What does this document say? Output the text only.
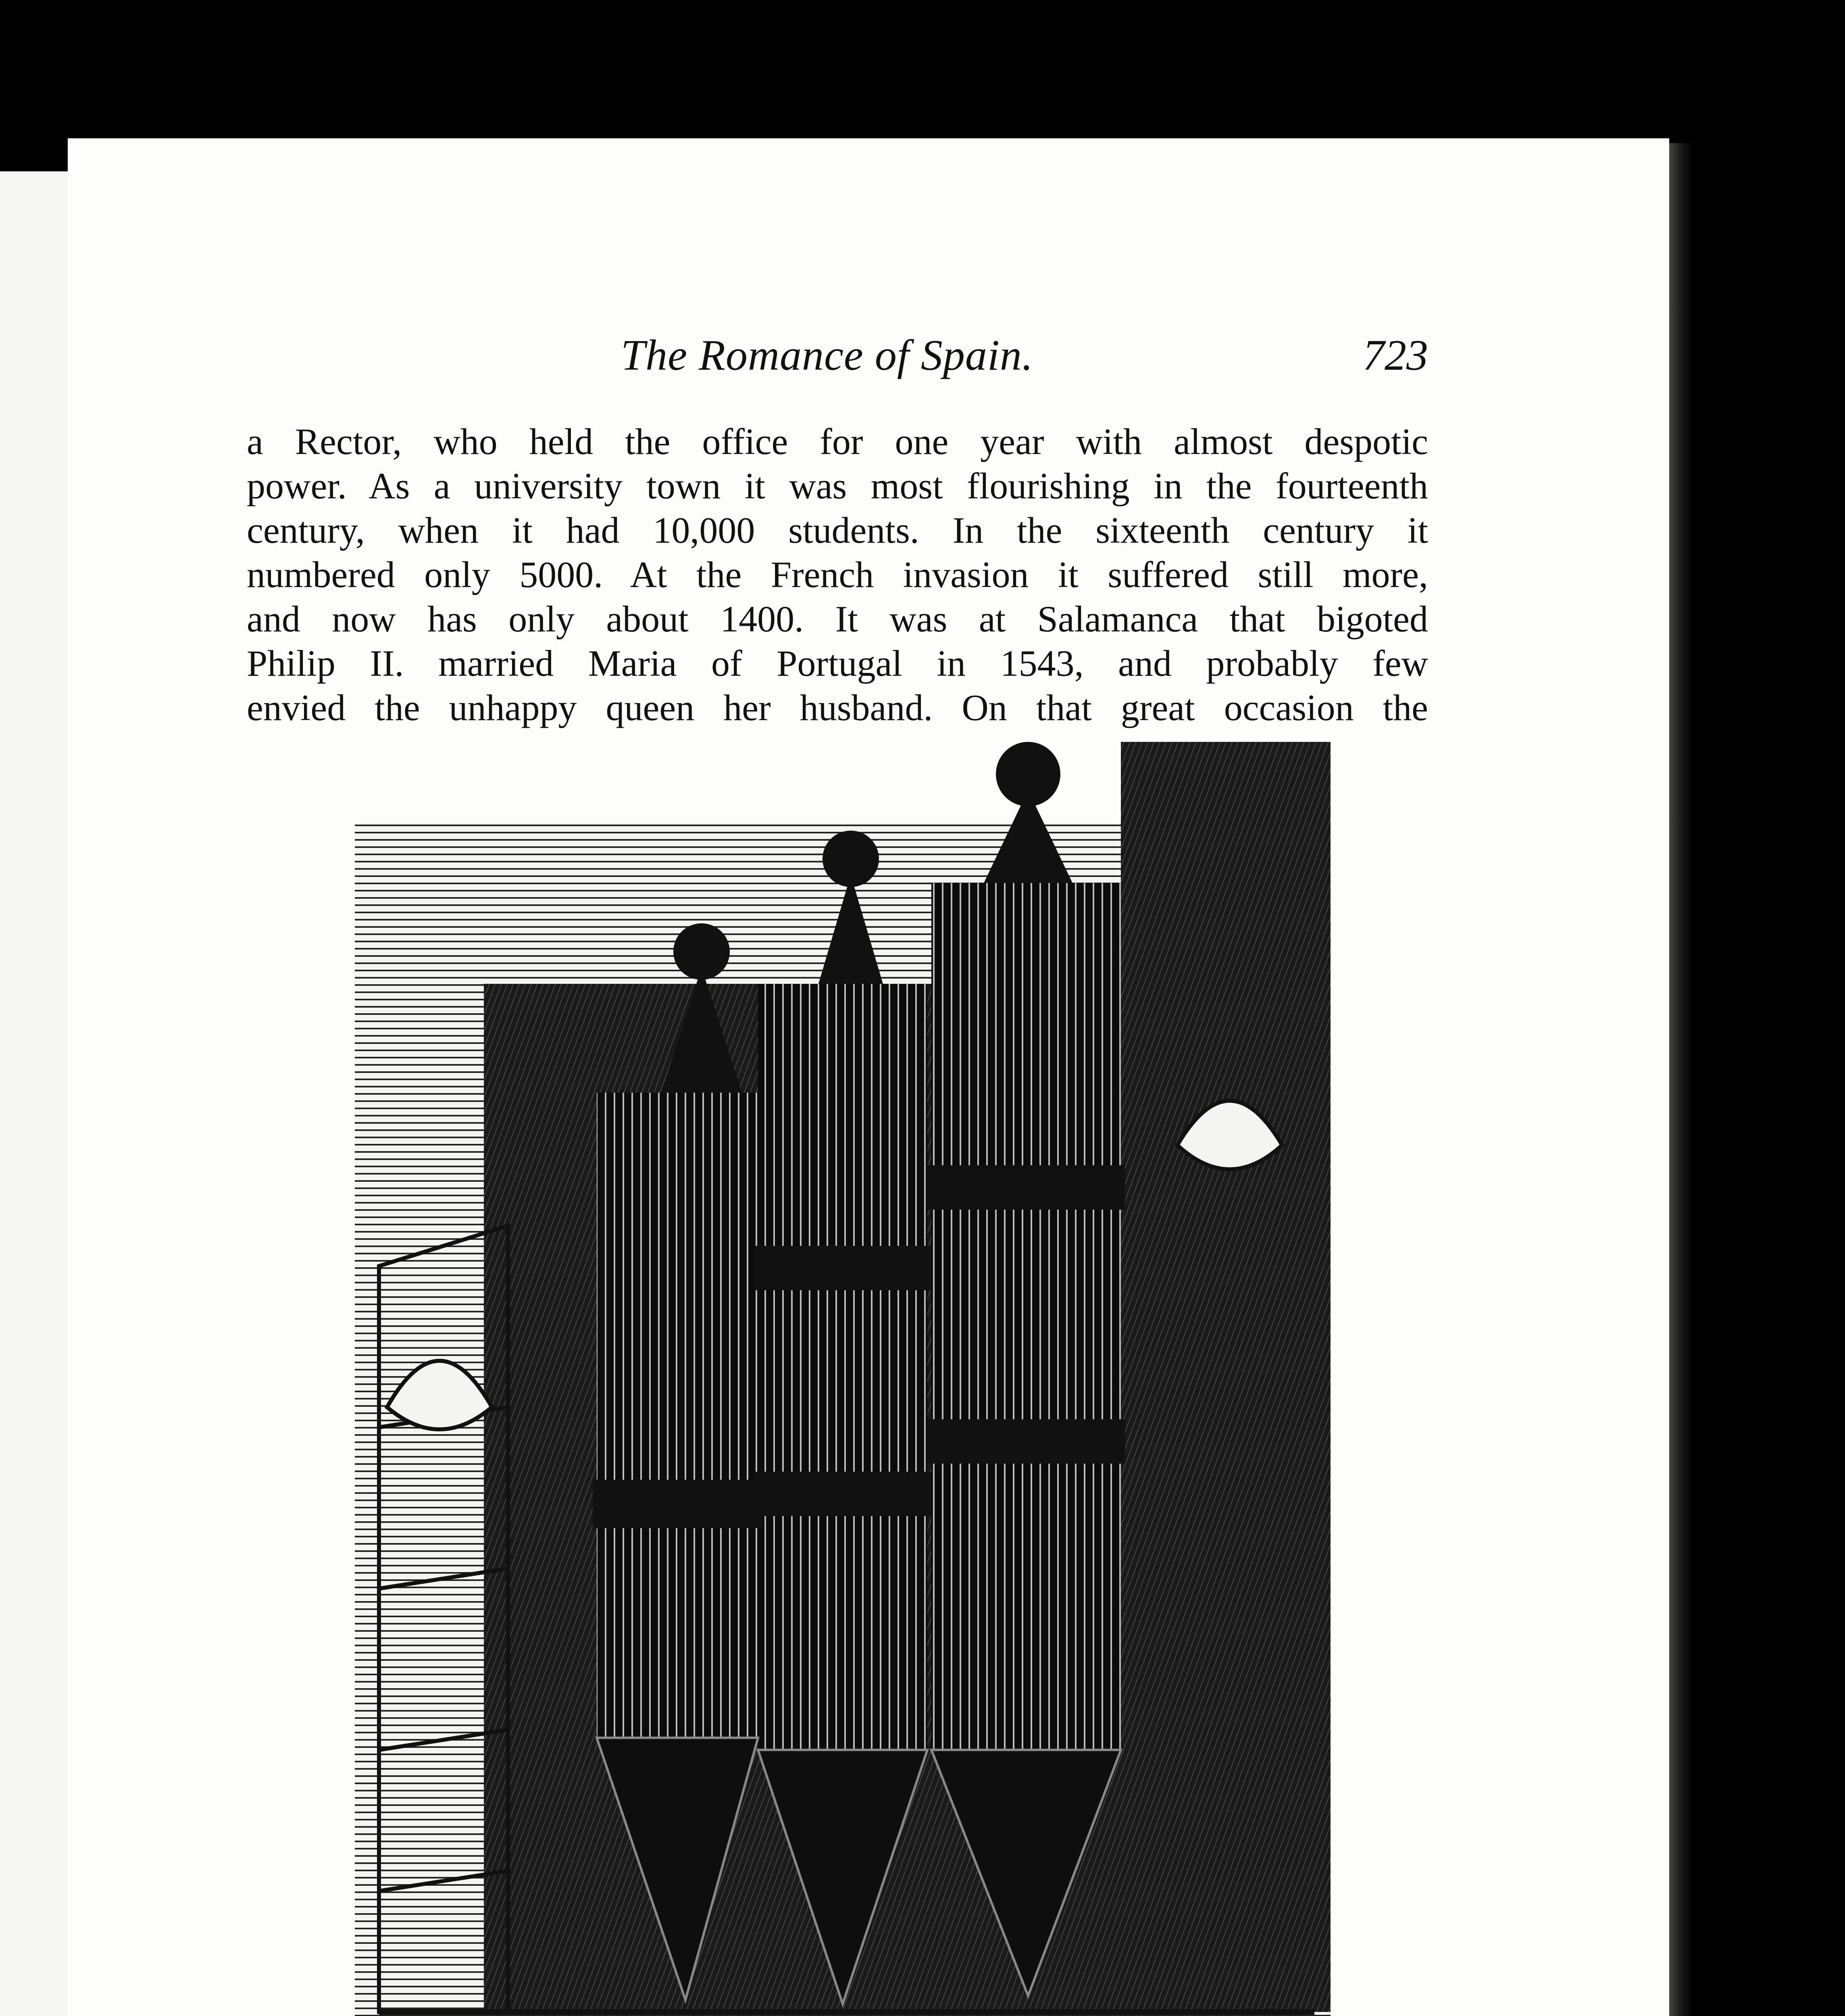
The Romance of Spain.	723
a Rector, who held the office for one year with almost despotic
power. As a university town it was most flourishing in the fourteenth
century, when it had 10,000 students. In the sixteenth century it
numbered only 5000. At the French invasion it suffered still more,
and now has only about 1400. It was at Salamanca that bigoted
Philip II. married Maria of Portugal in 1543, and probably few
envied the unhappy queen her husband. On that great occasion the
